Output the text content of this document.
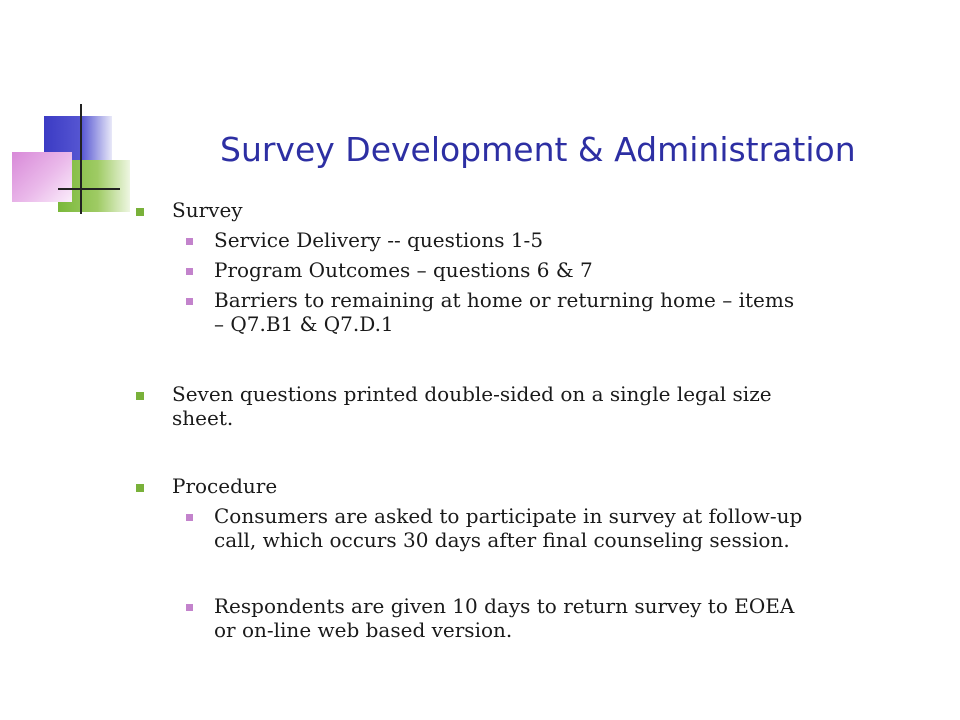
Survey Development & Administration
Survey
Service Delivery -- questions 1-5
Program Outcomes – questions 6 & 7
Barriers to remaining at home or returning home – items
– Q7.B1 & Q7.D.1
Seven questions printed double-sided on a single legal size
sheet.
Procedure
Consumers are asked to participate in survey at follow-up
call, which occurs 30 days after final counseling session.
Respondents are given 10 days to return survey to EOEA
or on-line web based version.
